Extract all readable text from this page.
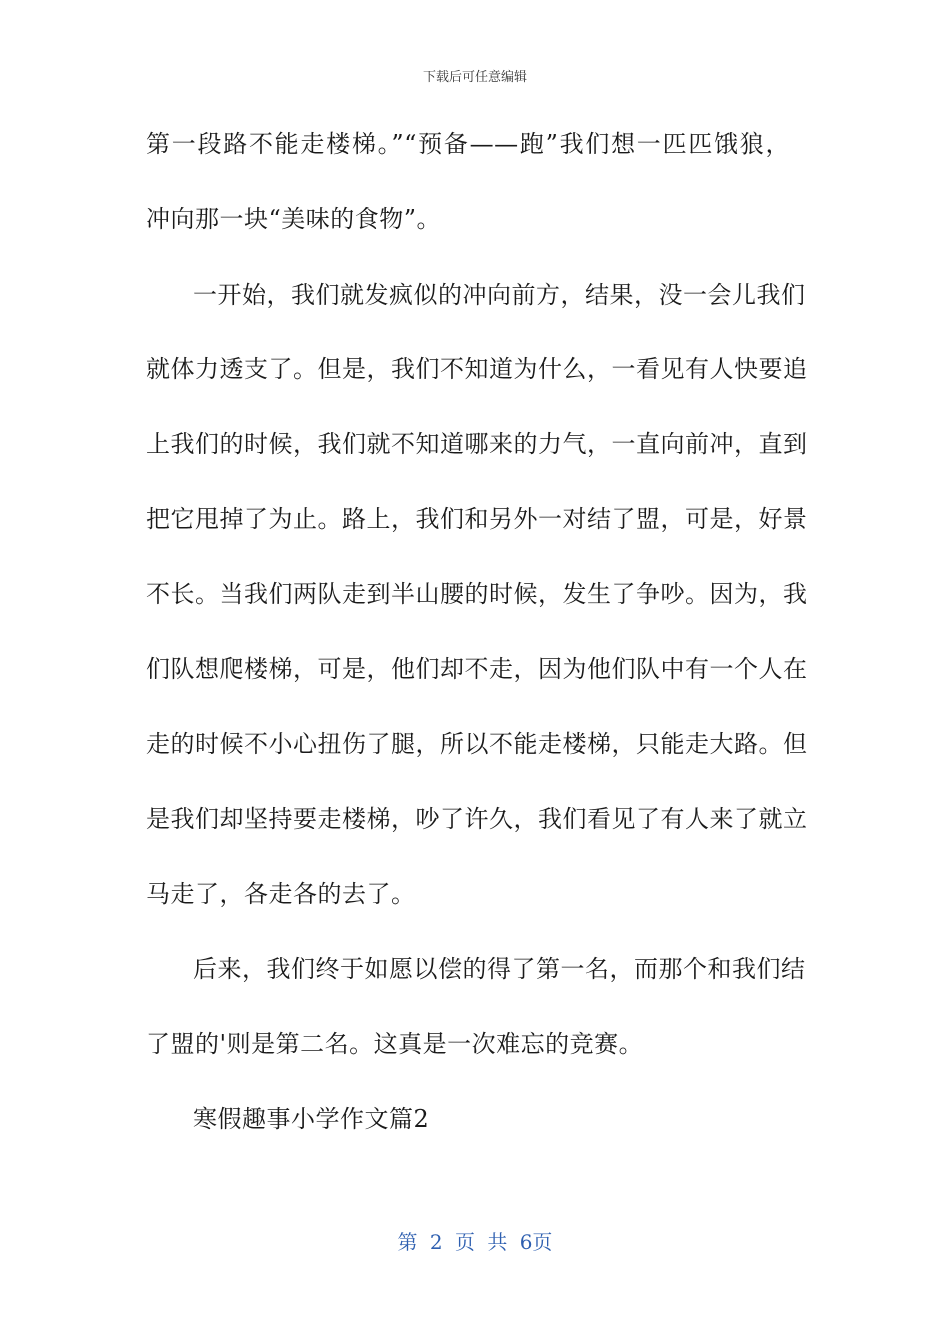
下载后可任意编辑
第一段路不能走楼梯。”“预备——跑”我们想一匹匹饿狼，
冲向那一块“美味的食物”。
一开始，我们就发疯似的冲向前方，结果，没一会儿我们
就体力透支了。但是，我们不知道为什么，一看见有人快要追
上我们的时候，我们就不知道哪来的力气，一直向前冲，直到
把它甩掉了为止。路上，我们和另外一对结了盟，可是，好景
不长。当我们两队走到半山腰的时候，发生了争吵。因为，我
们队想爬楼梯，可是，他们却不走，因为他们队中有一个人在
走的时候不小心扭伤了腿，所以不能走楼梯，只能走大路。但
是我们却坚持要走楼梯，吵了许久，我们看见了有人来了就立
马走了，各走各的去了。
后来，我们终于如愿以偿的得了第一名，而那个和我们结
了盟的'则是第二名。这真是一次难忘的竞赛。
寒假趣事小学作文篇2
第 2 页 共 6页
